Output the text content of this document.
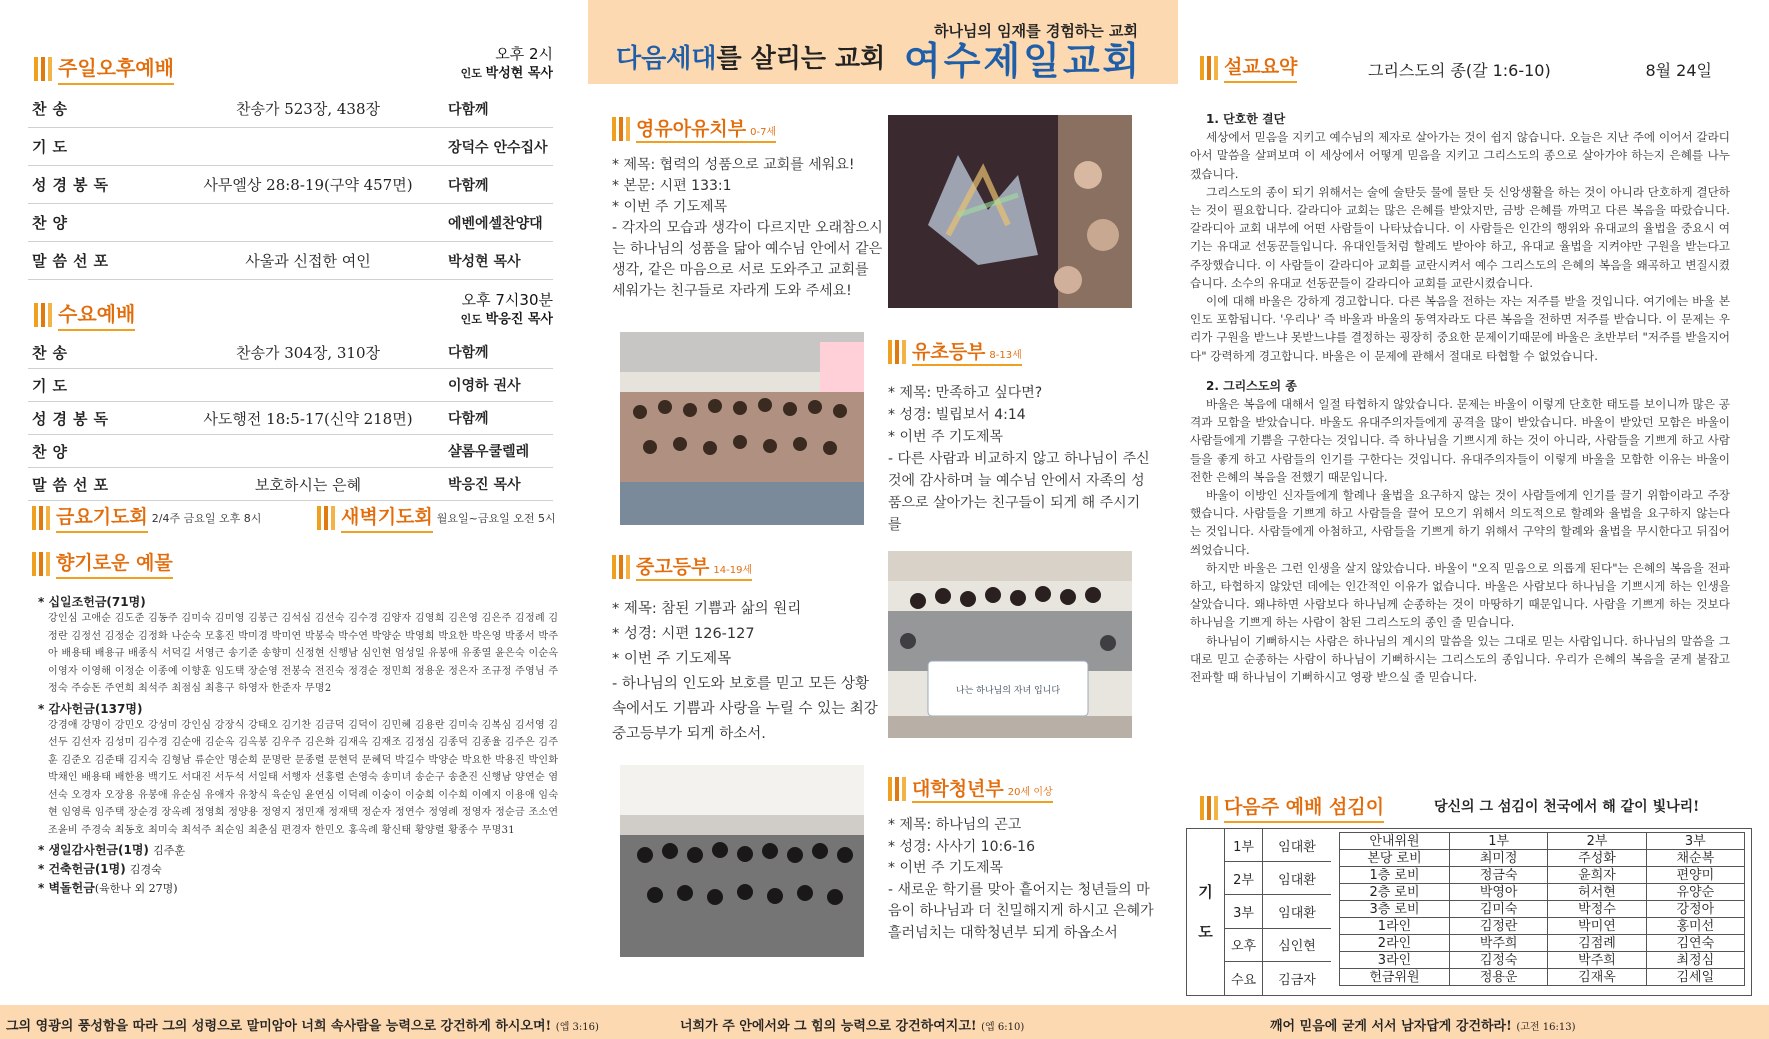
주일오후예배
오후 2시
인도 박성현 목사
찬송	찬송가 523장, 438장	다함께
기도	장덕수 안수집사
성경봉독	사무엘상 28:8-19(구약 457면)	다함께
찬양	에벤에셀찬양대
말씀선포	사울과 신접한 여인	박성현 목사
수요예배
오후 7시30분
인도 박응진 목사
찬송	찬송가 304장, 310장	다함께
기도	이영하 권사
성경봉독	사도행전 18:5-17(신약 218면)	다함께
찬양	샬롬우쿨렐레
말씀선포	보호하시는 은혜	박응진 목사
금요기도회 2/4주 금요일 오후 8시	새벽기도회 월요일~금요일 오전 5시
향기로운 예물
* 십일조헌금(71명)
강인심 고애순 김도준 김동주 김미숙 김미영 김봉근 김석심 김선숙 김수경 김양자 김영희 김은영 김은주 김정례 김정란 김정선 김정순 김정화 나순숙 모홍진 박미경 박미연 박봉숙 박수연 박양순 박영희 박요한 박은영 박종서 박주아 배용태 배용규 배종식 서덕길 서영근 송기준 송향미 신정현 신행남 심인현 엄성일 유봉애 유종열 윤은숙 이순옥 이영자 이영해 이정순 이종예 이향훈 임도택 장순영 전봉숙 전진숙 정경순 정민희 정용운 정은자 조규정 주영님 주정숙 주승돈 주연희 최석주 최점심 최흥구 하영자 한준자 무명2
* 감사헌금(137명)
강경애 강명이 강민오 강성미 강인심 강장식 강태오 김기찬 김금덕 김덕이 김민혜 김용란 김미숙 김복심 김서영 김선두 김선자 김성미 김수경 김순애 김순옥 김옥봉 김우주 김은화 김재옥 김재조 김정심 김종덕 김종율 김주은 김주훈 김준오 김준태 김지숙 김형남 류순안 명순희 문명란 문종렬 문현덕 문혜덕 박길수 박양순 박요한 박용진 박인화 박채인 배용태 배한용 백기도 서대진 서두석 서일태 서행자 선홍렬 손영숙 송미녀 송순구 송춘진 신행남 양연순 염선숙 오경자 오장용 유봉애 유순심 유애자 유창식 육순임 윤연심 이덕례 이숭이 이숭희 이수희 이예지 이용애 임숙현 임영록 임주택 장순경 장옥례 정영희 정양용 정영지 정민재 정재택 정순자 정연수 정영례 정영자 정순금 조소연 조윤비 주경숙 최동호 최미숙 최석주 최순임 최춘심 편경자 한민오 홍옥례 황신태 황양렬 황종수 무명31
* 생일감사헌금(1명) 김주훈
* 건축헌금(1명) 김경숙
* 벽돌헌금(육한나 외 27명)
하나님의 임재를 경험하는 교회
다음세대를 살리는 교회 여수제일교회
영유아유치부 0-7세
* 제목: 협력의 성품으로 교회를 세워요!
* 본문: 시편 133:1
* 이번 주 기도제목
- 각자의 모습과 생각이 다르지만 오래참으시는 하나님의 성품을 닮아 예수님 안에서 같은 생각, 같은 마음으로 서로 도와주고 교회를 세워가는 친구들로 자라게 도와 주세요!
유초등부 8-13세
* 제목: 만족하고 싶다면?
* 성경: 빌립보서 4:14
* 이번 주 기도제목
- 다른 사람과 비교하지 않고 하나님이 주신 것에 감사하며 늘 예수님 안에서 자족의 성품으로 살아가는 친구들이 되게 해 주시기를
중고등부 14-19세
* 제목: 참된 기쁨과 삶의 원리
* 성경: 시편 126-127
* 이번 주 기도제목
- 하나님의 인도와 보호를 믿고 모든 상황 속에서도 기쁨과 사랑을 누릴 수 있는 최강중고등부가 되게 하소서.
나는 하나님의 자녀 입니다
대학청년부 20세 이상
* 제목: 하나님의 곤고
* 성경: 사사기 10:6-16
* 이번 주 기도제목
- 새로운 학기를 맞아 흩어지는 청년들의 마음이 하나님과 더 친밀해지게 하시고 은혜가 흘러넘치는 대학청년부 되게 하옵소서
설교요약	그리스도의 종(갈 1:6-10)	8월 24일
1. 단호한 결단

세상에서 믿음을 지키고 예수님의 제자로 살아가는 것이 쉽지 않습니다. 오늘은 지난 주에 이어서 갈라디아서 말씀을 살펴보며 이 세상에서 어떻게 믿음을 지키고 그리스도의 종으로 살아가야 하는지 은혜를 나누겠습니다.

그리스도의 종이 되기 위해서는 술에 술탄듯 물에 물탄 듯 신앙생활을 하는 것이 아니라 단호하게 결단하는 것이 필요합니다. 갈라디아 교회는 많은 은혜를 받았지만, 금방 은혜를 까먹고 다른 복음을 따랐습니다. 갈라디아 교회 내부에 어떤 사람들이 나타났습니다. 이 사람들은 인간의 행위와 유대교의 율법을 중요시 여기는 유대교 선동꾼들입니다. 유대인들처럼 할례도 받아야 하고, 유대교 율법을 지켜야만 구원을 받는다고 주장했습니다. 이 사람들이 갈라디아 교회를 교란시켜서 예수 그리스도의 은혜의 복음을 왜곡하고 변질시켰습니다. 소수의 유대교 선동꾼들이 갈라디아 교회를 교란시켰습니다.

이에 대해 바울은 강하게 경고합니다. 다른 복음을 전하는 자는 저주를 받을 것입니다. 여기에는 바울 본인도 포함됩니다. '우리나' 즉 바울과 바울의 동역자라도 다른 복음을 전하면 저주를 받습니다. 이 문제는 우리가 구원을 받느냐 못받느냐를 결정하는 굉장히 중요한 문제이기때문에 바울은 초반부터 "저주를 받을지어다" 강력하게 경고합니다. 바울은 이 문제에 관해서 절대로 타협할 수 없었습니다.

2. 그리스도의 종

바울은 복음에 대해서 일절 타협하지 않았습니다. 문제는 바울이 이렇게 단호한 태도를 보이니까 많은 공격과 모함을 받았습니다. 바울도 유대주의자들에게 공격을 많이 받았습니다. 바울이 받았던 모함은 바울이 사람들에게 기쁨을 구한다는 것입니다. 즉 하나님을 기쁘시게 하는 것이 아니라, 사람들을 기쁘게 하고 사람들을 좋게 하고 사람들의 인기를 구한다는 것입니다. 유대주의자들이 이렇게 바울을 모함한 이유는 바울이 전한 은혜의 복음을 전했기 때문입니다.

바울이 이방인 신자들에게 할례나 율법을 요구하지 않는 것이 사람들에게 인기를 끌기 위함이라고 주장했습니다. 사람들을 기쁘게 하고 사람들을 끌어 모으기 위해서 의도적으로 할례와 율법을 요구하지 않는다는 것입니다. 사람들에게 아첨하고, 사람들을 기쁘게 하기 위해서 구약의 할례와 율법을 무시한다고 뒤집어 씌었습니다.

하지만 바울은 그런 인생을 살지 않았습니다. 바울이 "오직 믿음으로 의롭게 된다"는 은혜의 복음을 전파하고, 타협하지 않았던 데에는 인간적인 이유가 없습니다. 바울은 사람보다 하나님을 기쁘시게 하는 인생을 살았습니다. 왜냐하면 사람보다 하나님께 순종하는 것이 마땅하기 때문입니다. 사람을 기쁘게 하는 것보다 하나님을 기쁘게 하는 사람이 참된 그리스도의 종인 줄 믿습니다.

하나님이 기뻐하시는 사람은 하나님의 계시의 말씀을 있는 그대로 믿는 사람입니다. 하나님의 말씀을 그대로 믿고 순종하는 사람이 하나님이 기뻐하시는 그리스도의 종입니다. 우리가 은혜의 복음을 굳게 붙잡고 전파할 때 하나님이 기뻐하시고 영광 받으실 줄 믿습니다.

다음주 예배 섬김이	당신의 그 섬김이 천국에서 해 같이 빛나리!
기
도
1부	임대환
2부	임대환
3부	임대환
오후	심인현
수요	김금자
안내위원	1부	2부	3부
본당 로비	최미정	주성화	채순복
1층 로비	정금숙	윤희자	편양미
2층 로비	박영아	허서현	유양순
3층 로비	김미숙	박정수	강정아
1라인	김정란	박미연	홍미선
2라인	박주희	김점례	김연숙
3라인	김정숙	박주희	최정심
헌금위원	정용운	김재옥	김세일
그의 영광의 풍성함을 따라 그의 성령으로 말미암아 너희 속사람을 능력으로 강건하게 하시오며! (엡 3:16)	너희가 주 안에서와 그 힘의 능력으로 강건하여지고! (엡 6:10)	깨어 믿음에 굳게 서서 남자답게 강건하라! (고전 16:13)
